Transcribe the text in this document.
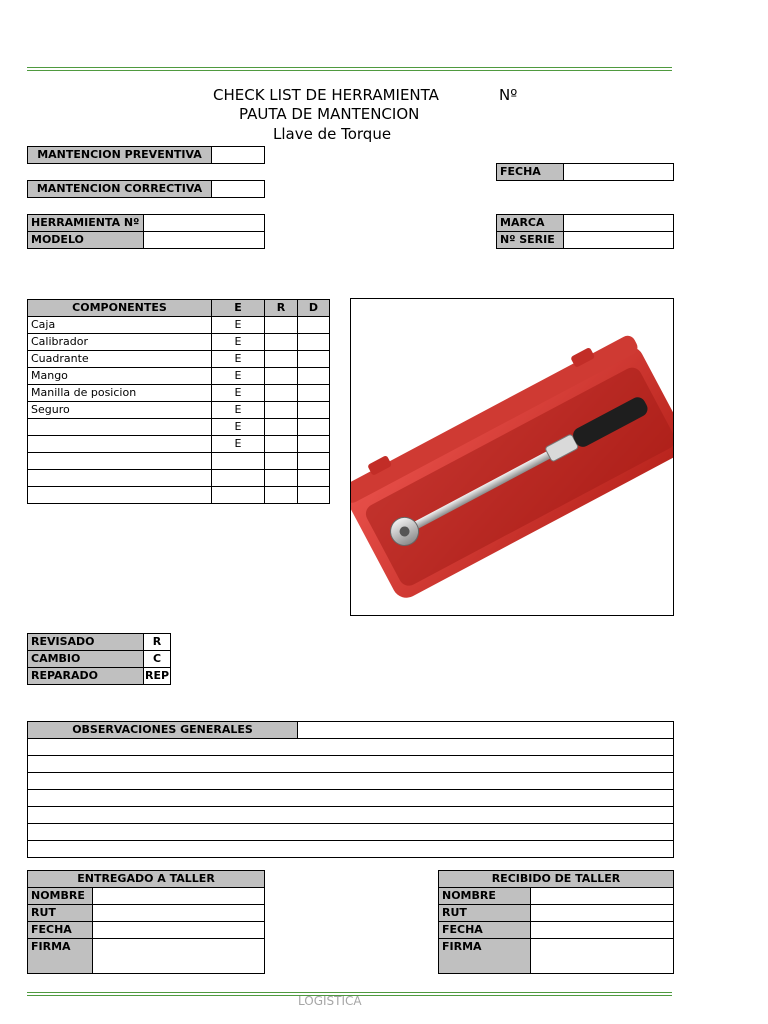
CHECK LIST DE HERRAMIENTA	Nº
PAUTA DE MANTENCION
Llave de Torque
MANTENCION PREVENTIVA	
MANTENCION CORRECTIVA	
FECHA	
HERRAMIENTA Nº	
MODELO	
MARCA	
Nº SERIE	
COMPONENTES	E	R	D
Caja	E		
Calibrador	E		
Cuadrante	E		
Mango	E		
Manilla de posicion	E		
Seguro	E		
	E		
	E		

REVISADO	R
CAMBIO	C
REPARADO	REP
OBSERVACIONES GENERALES	

ENTREGADO A TALLER	
NOMBRE	
RUT	
FECHA	
FIRMA	
RECIBIDO DE TALLER	
NOMBRE	
RUT	
FECHA	
FIRMA	
LOGISTICA
